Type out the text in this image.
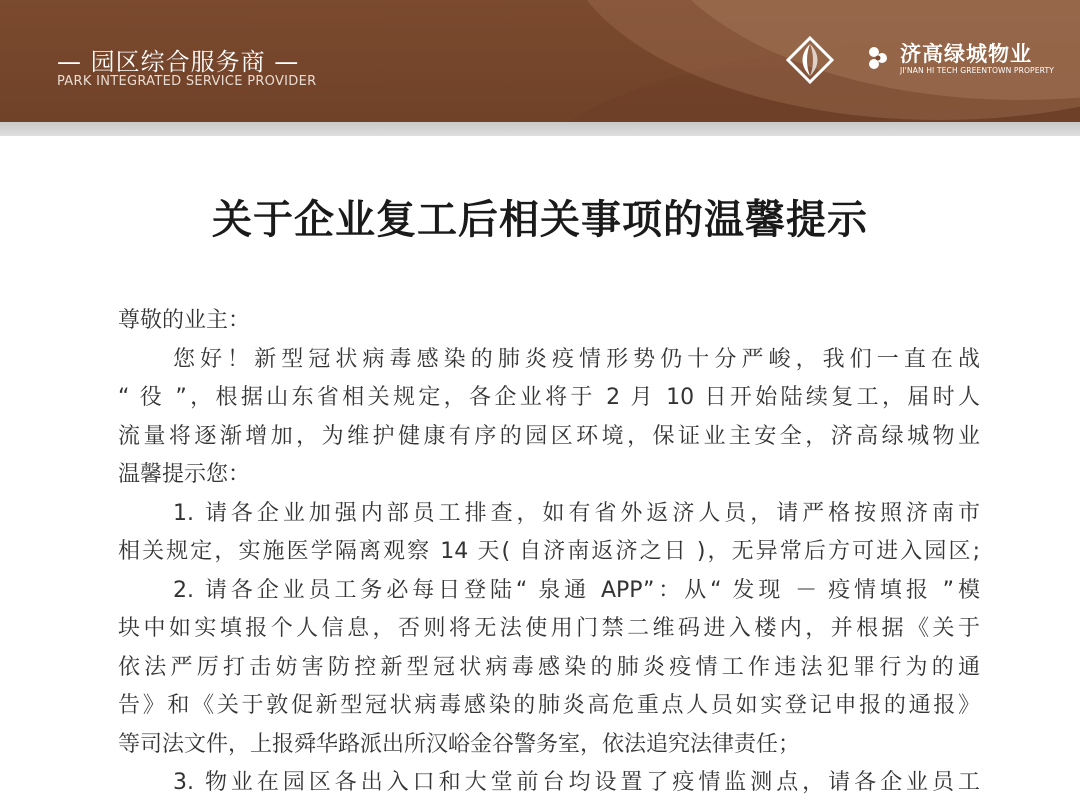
— 园区综合服务商 —
PARK INTEGRATED SERVICE PROVIDER
济高绿城物业
JI'NAN HI TECH GREENTOWN PROPERTY
关于企业复工后相关事项的温馨提示
尊敬的业主：
您好！新型冠状病毒感染的肺炎疫情形势仍十分严峻，我们一直在战
“ 役 ”，根据山东省相关规定，各企业将于 2 月 10 日开始陆续复工，届时人
流量将逐渐增加，为维护健康有序的园区环境，保证业主安全，济高绿城物业
温馨提示您：
1. 请各企业加强内部员工排查，如有省外返济人员，请严格按照济南市
相关规定，实施医学隔离观察 14 天( 自济南返济之日 )，无异常后方可进入园区;
2. 请各企业员工务必每日登陆“ 泉通 APP”：从“ 发现 － 疫情填报 ”模
块中如实填报个人信息，否则将无法使用门禁二维码进入楼内，并根据《关于
依法严厉打击妨害防控新型冠状病毒感染的肺炎疫情工作违法犯罪行为的通
告》和《关于敦促新型冠状病毒感染的肺炎高危重点人员如实登记申报的通报》
等司法文件，上报舜华路派出所汉峪金谷警务室，依法追究法律责任；
3. 物业在园区各出入口和大堂前台均设置了疫情监测点，请各企业员工
